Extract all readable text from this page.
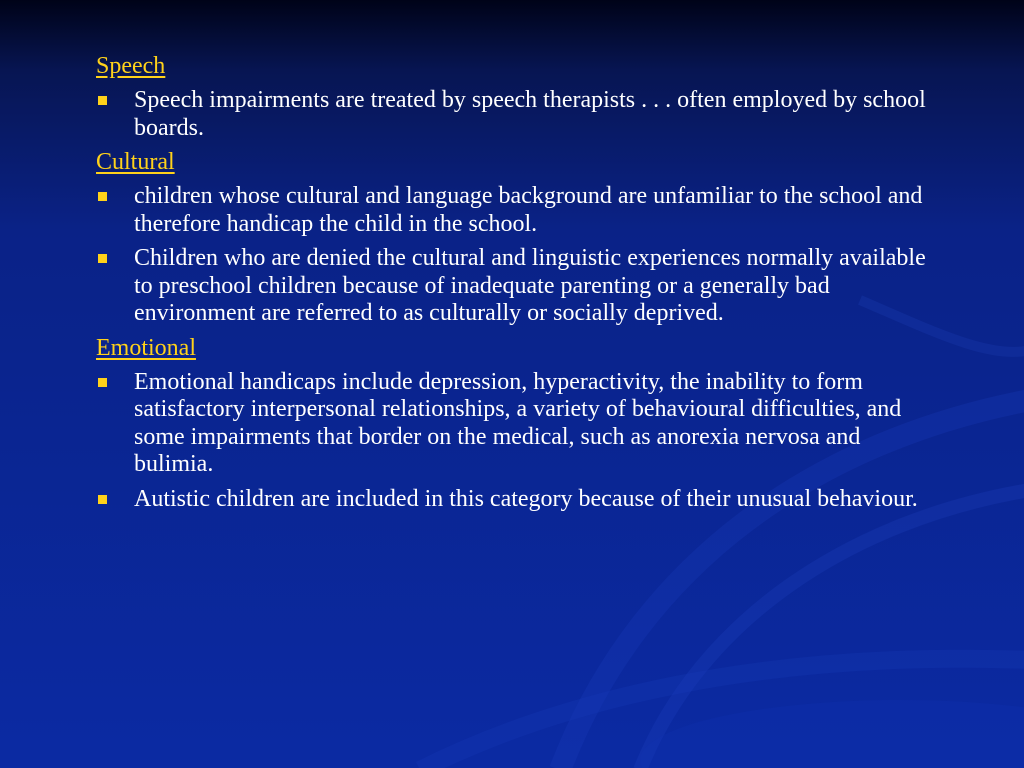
Speech
Speech impairments are treated by speech therapists . . . often employed by school boards.
Cultural
children whose cultural and language background are unfamiliar to the school and therefore handicap the child in the school.
Children who are denied the cultural and linguistic experiences normally available to preschool children because of inadequate parenting or a generally bad environment are referred to as culturally or socially deprived.
Emotional
Emotional handicaps include depression, hyperactivity, the inability to form satisfactory interpersonal relationships, a variety of behavioural difficulties, and some impairments that border on the medical, such as anorexia nervosa and bulimia.
Autistic children are included in this category because of their unusual behaviour.
